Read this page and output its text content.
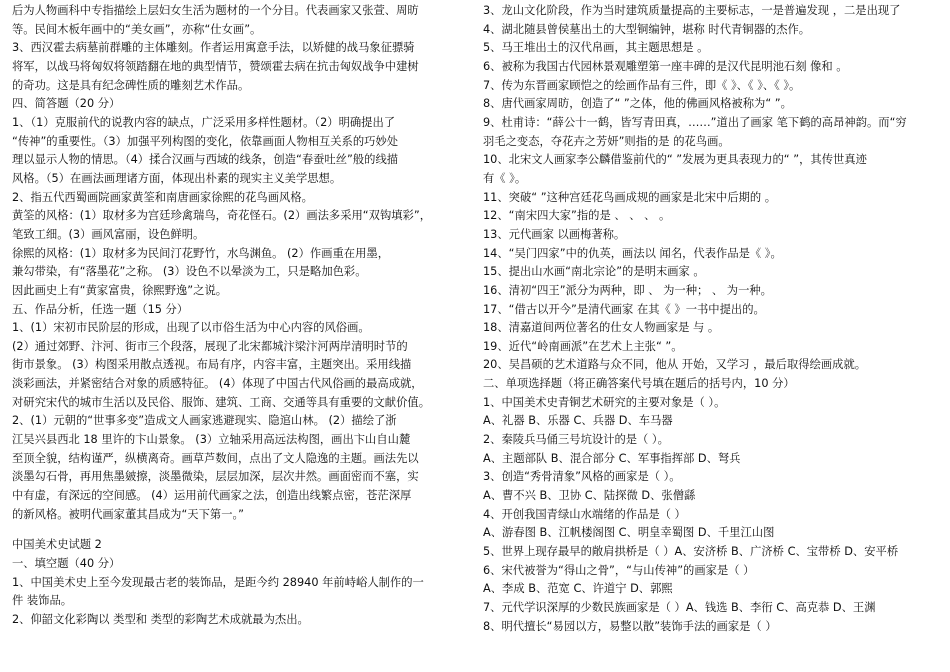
后为人物画科中专指描绘上层妇女生活为题材的一个分目。代表画家又张萱、周昉
等。民间木板年画中的“美女画”，亦称“仕女画”。
3、西汉霍去病墓前群雕的主体雕刻。作者运用寓意手法，以矫健的战马象征骠骑
将军，以战马将匈奴将领踏翻在地的典型情节，赞颂霍去病在抗击匈奴战争中建树
的奇功。这是具有纪念碑性质的雕刻艺术作品。
四、简答题（20 分）
1、（1）克服前代的说教内容的缺点，广泛采用多样性题材。（2）明确提出了
“传神”的重要性。（3）加强平列构图的变化，依靠画面人物相互关系的巧妙处
理以显示人物的情思。（4）揉合汉画与西域的线条，创造“春蚕吐丝”般的线描
风格。（5）在画法画理诸方面，体现出朴素的现实主义美学思想。
2、指五代西蜀画院画家黄筌和南唐画家徐熙的花鸟画风格。
黄筌的风格：(1）取材多为宫廷珍禽瑞鸟，奇花怪石。(2）画法多采用“双钩填彩”，
笔致工细。(3）画风富丽，设色鲜明。
徐熙的风格：(1）取材多为民间汀花野竹，水鸟渊鱼。 (2）作画重在用墨，
兼勾带染，有“落墨花”之称。 (3）设色不以晕淡为工，只是略加色彩。
因此画史上有“黄家富贵，徐熙野逸”之说。
五、作品分析，任选一题（15 分）
1、(1）宋初市民阶层的形成，出现了以市俗生活为中心内容的风俗画。
(2）通过郊野、汴河、街市三个段落，展现了北宋都城汴梁汴河两岸清明时节的
街市景象。 (3）构图采用散点透视。布局有序，内容丰富，主题突出。采用线描
淡彩画法，并紧密结合对象的质感特征。 (4）体现了中国古代风俗画的最高成就，
对研究宋代的城市生活以及民俗、服饰、建筑、工商、交通等具有重要的文献价值。
2、(1）元朝的“世事多变”造成文人画家逃避现实、隐逭山林。 (2）描绘了浙
江吴兴县西北 18 里许的卞山景象。 (3）立轴采用高远法构图，画出卞山自山麓
至顶全貌，结构谨严，纵横离奇。画草芦数间，点出了文人隐逸的主题。画法先以
淡墨勾石骨，再用焦墨皴擦，淡墨微染，层层加深，层次井然。画面密而不塞，实
中有虚，有深远的空间感。 (4）运用前代画家之法，创造出线繁点密，苍茫深厚
的新风格。被明代画家董其昌成为“天下第一。”
中国美术史试题 2
一、填空题（40 分）
1、中国美术史上至今发现最古老的装饰品，是距今约 28940 年前峙峪人制作的一
件 装饰品。
2、仰韶文化彩陶以 类型和 类型的彩陶艺术成就最为杰出。
3、龙山文化阶段，作为当时建筑质量提高的主要标志，一是普遍发现 ，二是出现了
4、湖北随县曾侯墓出土的大型铜编钟，堪称 时代青铜器的杰作。
5、马王堆出土的汉代帛画，其主题思想是 。
6、被称为我国古代园林景观雕塑第一座丰碑的是汉代昆明池石刻 像和 。
7、传为东晋画家顾恺之的绘画作品有三件，即《 》、《 》、《 》。
8、唐代画家周昉，创造了“ ”之体，他的佛画风格被称为“ ”。
9、杜甫诗：“薛公十一鹤，皆写青田真，……”道出了画家 笔下鹤的高昂神韵。而“穷
羽毛之变态，夺花卉之芳妍”则指的是 的花鸟画。
10、北宋文人画家李公麟借鉴前代的“ ”发展为更具表现力的“ ”，其传世真迹
有《 》。
11、突破“ ”这种宫廷花鸟画成规的画家是北宋中后期的 。
12、“南宋四大家”指的是 、 、 、 。
13、元代画家 以画梅著称。
14、“吴门四家”中的仇英，画法以 闻名，代表作品是《 》。
15、提出山水画“南北宗论”的是明末画家 。
16、清初“四王”派分为两种，即 、 为一种； 、 为一种。
17、“借古以开今”是清代画家 在其《 》一书中提出的。
18、清嘉道间两位著名的仕女人物画家是 与 。
19、近代“岭南画派”在艺术上主张“ ”。
20、吴昌硕的艺术道路与众不同，他从 开始，又学习 ，最后取得绘画成就。
二、单项选择题（将正确答案代号填在题后的括号内，10 分）
1、中国美术史青铜艺术研究的主要对象是（ ）。
A、礼器 B、乐器 C、兵器 D、车马器
2、秦陵兵马俑三号坑设计的是（ ）。
A、主题部队 B、混合部分 C、军事指挥部 D、弩兵
3、创造“秀骨清象”风格的画家是（ ）。
A、曹不兴 B、卫协 C、陆探微 D、张僧繇
4、开创我国青绿山水端绪的作品是（ ）
A、游春图 B、江帆楼阁图 C、明皇幸蜀图 D、千里江山图
5、世界上现存最早的敞肩拱桥是（ ）A、安济桥 B、广济桥 C、宝带桥 D、安平桥
6、宋代被誉为“得山之骨”，“与山传神”的画家是（ ）
A、李成 B、范宽 C、许道宁 D、郭熙
7、元代学识深厚的少数民族画家是（ ）A、钱选 B、李衎 C、高克恭 D、王渊
8、明代擅长“易园以方，易整以散”装饰手法的画家是（ ）
